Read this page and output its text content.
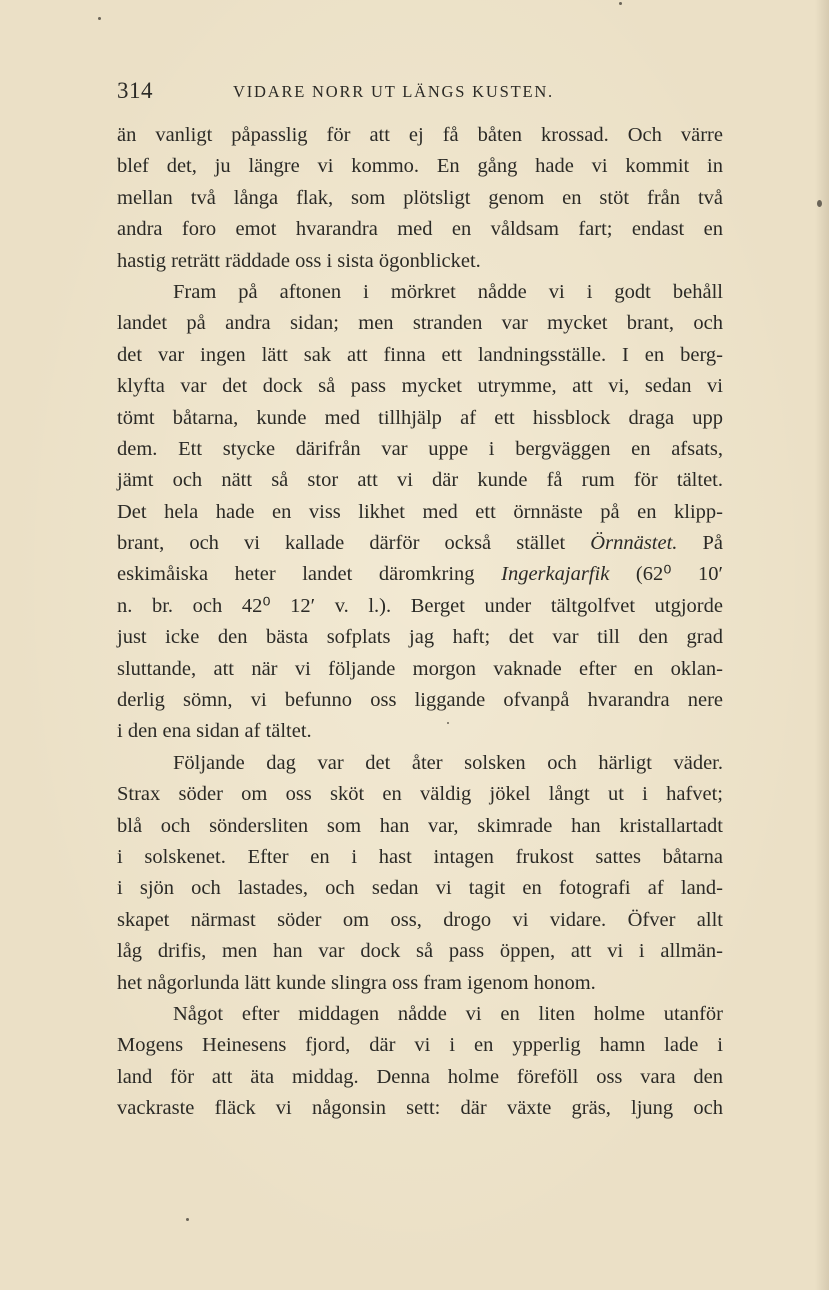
314	VIDARE NORR UT LÄNGS KUSTEN.
än vanligt påpasslig för att ej få båten krossad. Och värre
blef det, ju längre vi kommo. En gång hade vi kommit in
mellan två långa flak, som plötsligt genom en stöt från två
andra foro emot hvarandra med en våldsam fart; endast en
hastig reträtt räddade oss i sista ögonblicket.
Fram på aftonen i mörkret nådde vi i godt behåll
landet på andra sidan; men stranden var mycket brant, och
det var ingen lätt sak att finna ett landningsställe. I en berg-
klyfta var det dock så pass mycket utrymme, att vi, sedan vi
tömt båtarna, kunde med tillhjälp af ett hissblock draga upp
dem. Ett stycke därifrån var uppe i bergväggen en afsats,
jämt och nätt så stor att vi där kunde få rum för tältet.
Det hela hade en viss likhet med ett örnnäste på en klipp-
brant, och vi kallade därför också stället Örnnästet. På
eskimåiska heter landet däromkring Ingerkajarfik (62⁰ 10′
n. br. och 42⁰ 12′ v. l.). Berget under tältgolfvet utgjorde
just icke den bästa sofplats jag haft; det var till den grad
sluttande, att när vi följande morgon vaknade efter en oklan-
derlig sömn, vi befunno oss liggande ofvanpå hvarandra nere
i den ena sidan af tältet.
Följande dag var det åter solsken och härligt väder.
Strax söder om oss sköt en väldig jökel långt ut i hafvet;
blå och söndersliten som han var, skimrade han kristallartadt
i solskenet. Efter en i hast intagen frukost sattes båtarna
i sjön och lastades, och sedan vi tagit en fotografi af land-
skapet närmast söder om oss, drogo vi vidare. Öfver allt
låg drifis, men han var dock så pass öppen, att vi i allmän-
het någorlunda lätt kunde slingra oss fram igenom honom.
Något efter middagen nådde vi en liten holme utanför
Mogens Heinesens fjord, där vi i en ypperlig hamn lade i
land för att äta middag. Denna holme föreföll oss vara den
vackraste fläck vi någonsin sett: där växte gräs, ljung och
